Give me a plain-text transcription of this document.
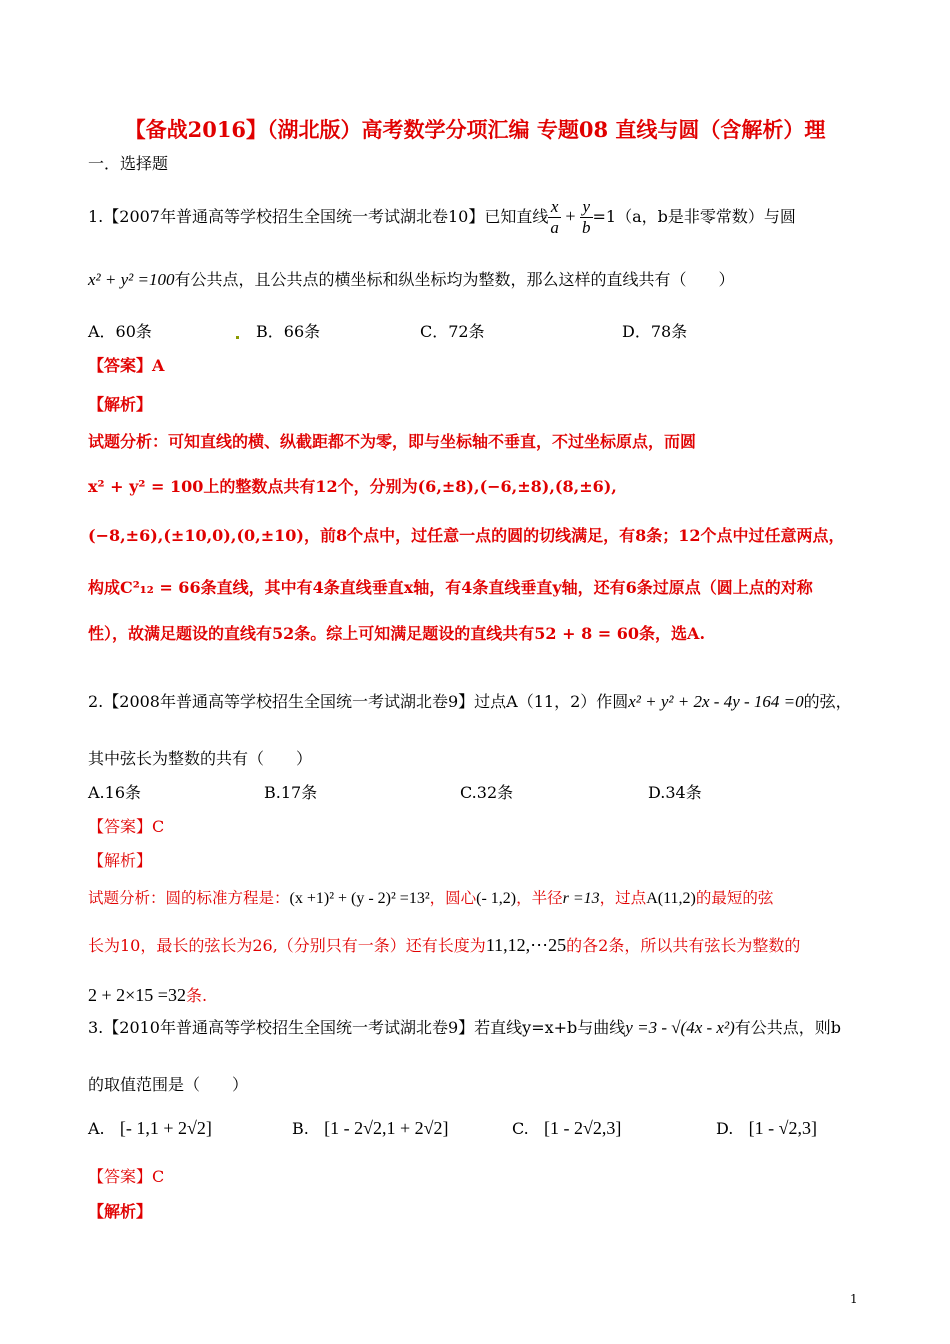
【备战2016】（湖北版）高考数学分项汇编 专题08 直线与圆（含解析）理
一．选择题
1.【2007年普通高等学校招生全国统一考试湖北卷10】已知直线 $\frac{x}{a} + \frac{y}{b} =1(a$，b是非零常数）与圆
x² + y² =100有公共点，且公共点的横坐标和纵坐标均为整数，那么这样的直线共有（　　）
A．60条	B．66条	C．72条	D．78条
【答案】A
【解析】
试题分析：可知直线的横、纵截距都不为零，即与坐标轴不垂直，不过坐标原点，而圆
x² + y² = 100上的整数点共有12个，分别为(6,±8),(−6,±8),(8,±6),
(−8,±6),(±10,0),(0,±10)，前8个点中，过任意一点的圆的切线满足，有8条；12个点中过任意两点，
构成C²₁₂ = 66条直线，其中有4条直线垂直x轴，有4条直线垂直y轴，还有6条过原点（圆上点的对称
性），故满足题设的直线有52条。综上可知满足题设的直线共有52 + 8 = 60条，选A.
2.【2008年普通高等学校招生全国统一考试湖北卷9】过点A（11，2）作圆x² + y² + 2x - 4y - 164 =0的弦，
其中弦长为整数的共有（　　）
A.16条	B.17条	C.32条	D.34条
【答案】C
【解析】
试题分析：圆的标准方程是：(x +1)² + (y - 2)² =13²，圆心(- 1,2)，半径r =13，过点A(11,2)的最短的弦
长为10，最长的弦长为26,（分别只有一条）还有长度为11,12,⋯25的各2条，所以共有弦长为整数的
2 + 2×15 =32条.
3.【2010年普通高等学校招生全国统一考试湖北卷9】若直线y=x+b与曲线y =3 - √(4x - x²)有公共点，则b
的取值范围是（　　）
A. [- 1,1 + 2√2]	B. [1 - 2√2,1 + 2√2]	C. [1 - 2√2,3]	D. [1 - √2,3]
【答案】C
【解析】
1
